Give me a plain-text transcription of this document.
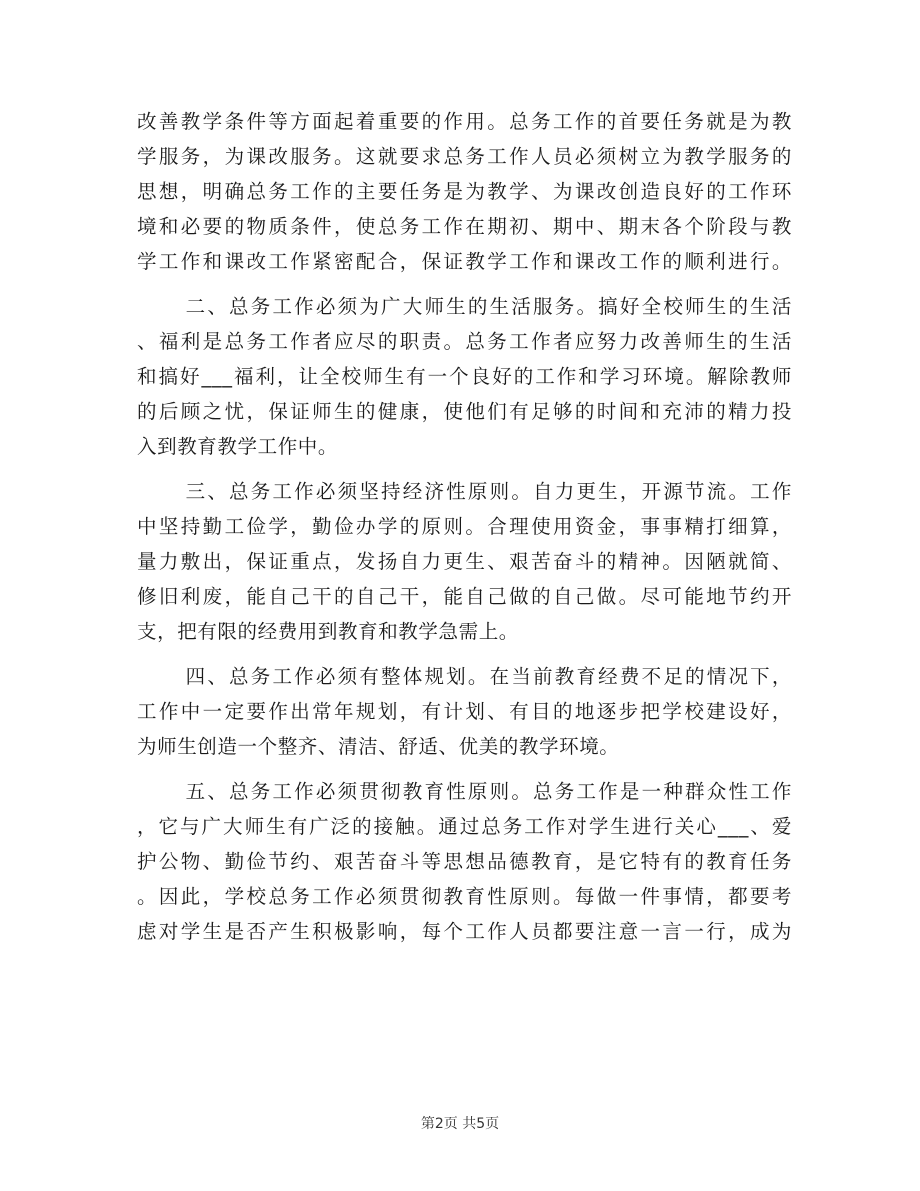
改善教学条件等方面起着重要的作用。总务工作的首要任务就是为教
学服务，为课改服务。这就要求总务工作人员必须树立为教学服务的
思想，明确总务工作的主要任务是为教学、为课改创造良好的工作环
境和必要的物质条件，使总务工作在期初、期中、期末各个阶段与教
学工作和课改工作紧密配合，保证教学工作和课改工作的顺利进行。
二、总务工作必须为广大师生的生活服务。搞好全校师生的生活
、福利是总务工作者应尽的职责。总务工作者应努力改善师生的生活
和搞好___福利，让全校师生有一个良好的工作和学习环境。解除教师
的后顾之忧，保证师生的健康，使他们有足够的时间和充沛的精力投
入到教育教学工作中。
三、总务工作必须坚持经济性原则。自力更生，开源节流。工作
中坚持勤工俭学，勤俭办学的原则。合理使用资金，事事精打细算，
量力敷出，保证重点，发扬自力更生、艰苦奋斗的精神。因陋就简、
修旧利废，能自己干的自己干，能自己做的自己做。尽可能地节约开
支，把有限的经费用到教育和教学急需上。
四、总务工作必须有整体规划。在当前教育经费不足的情况下，
工作中一定要作出常年规划，有计划、有目的地逐步把学校建设好，
为师生创造一个整齐、清洁、舒适、优美的教学环境。
五、总务工作必须贯彻教育性原则。总务工作是一种群众性工作
，它与广大师生有广泛的接触。通过总务工作对学生进行关心___、爱
护公物、勤俭节约、艰苦奋斗等思想品德教育，是它特有的教育任务
。因此，学校总务工作必须贯彻教育性原则。每做一件事情，都要考
虑对学生是否产生积极影响，每个工作人员都要注意一言一行，成为
第2页 共5页
